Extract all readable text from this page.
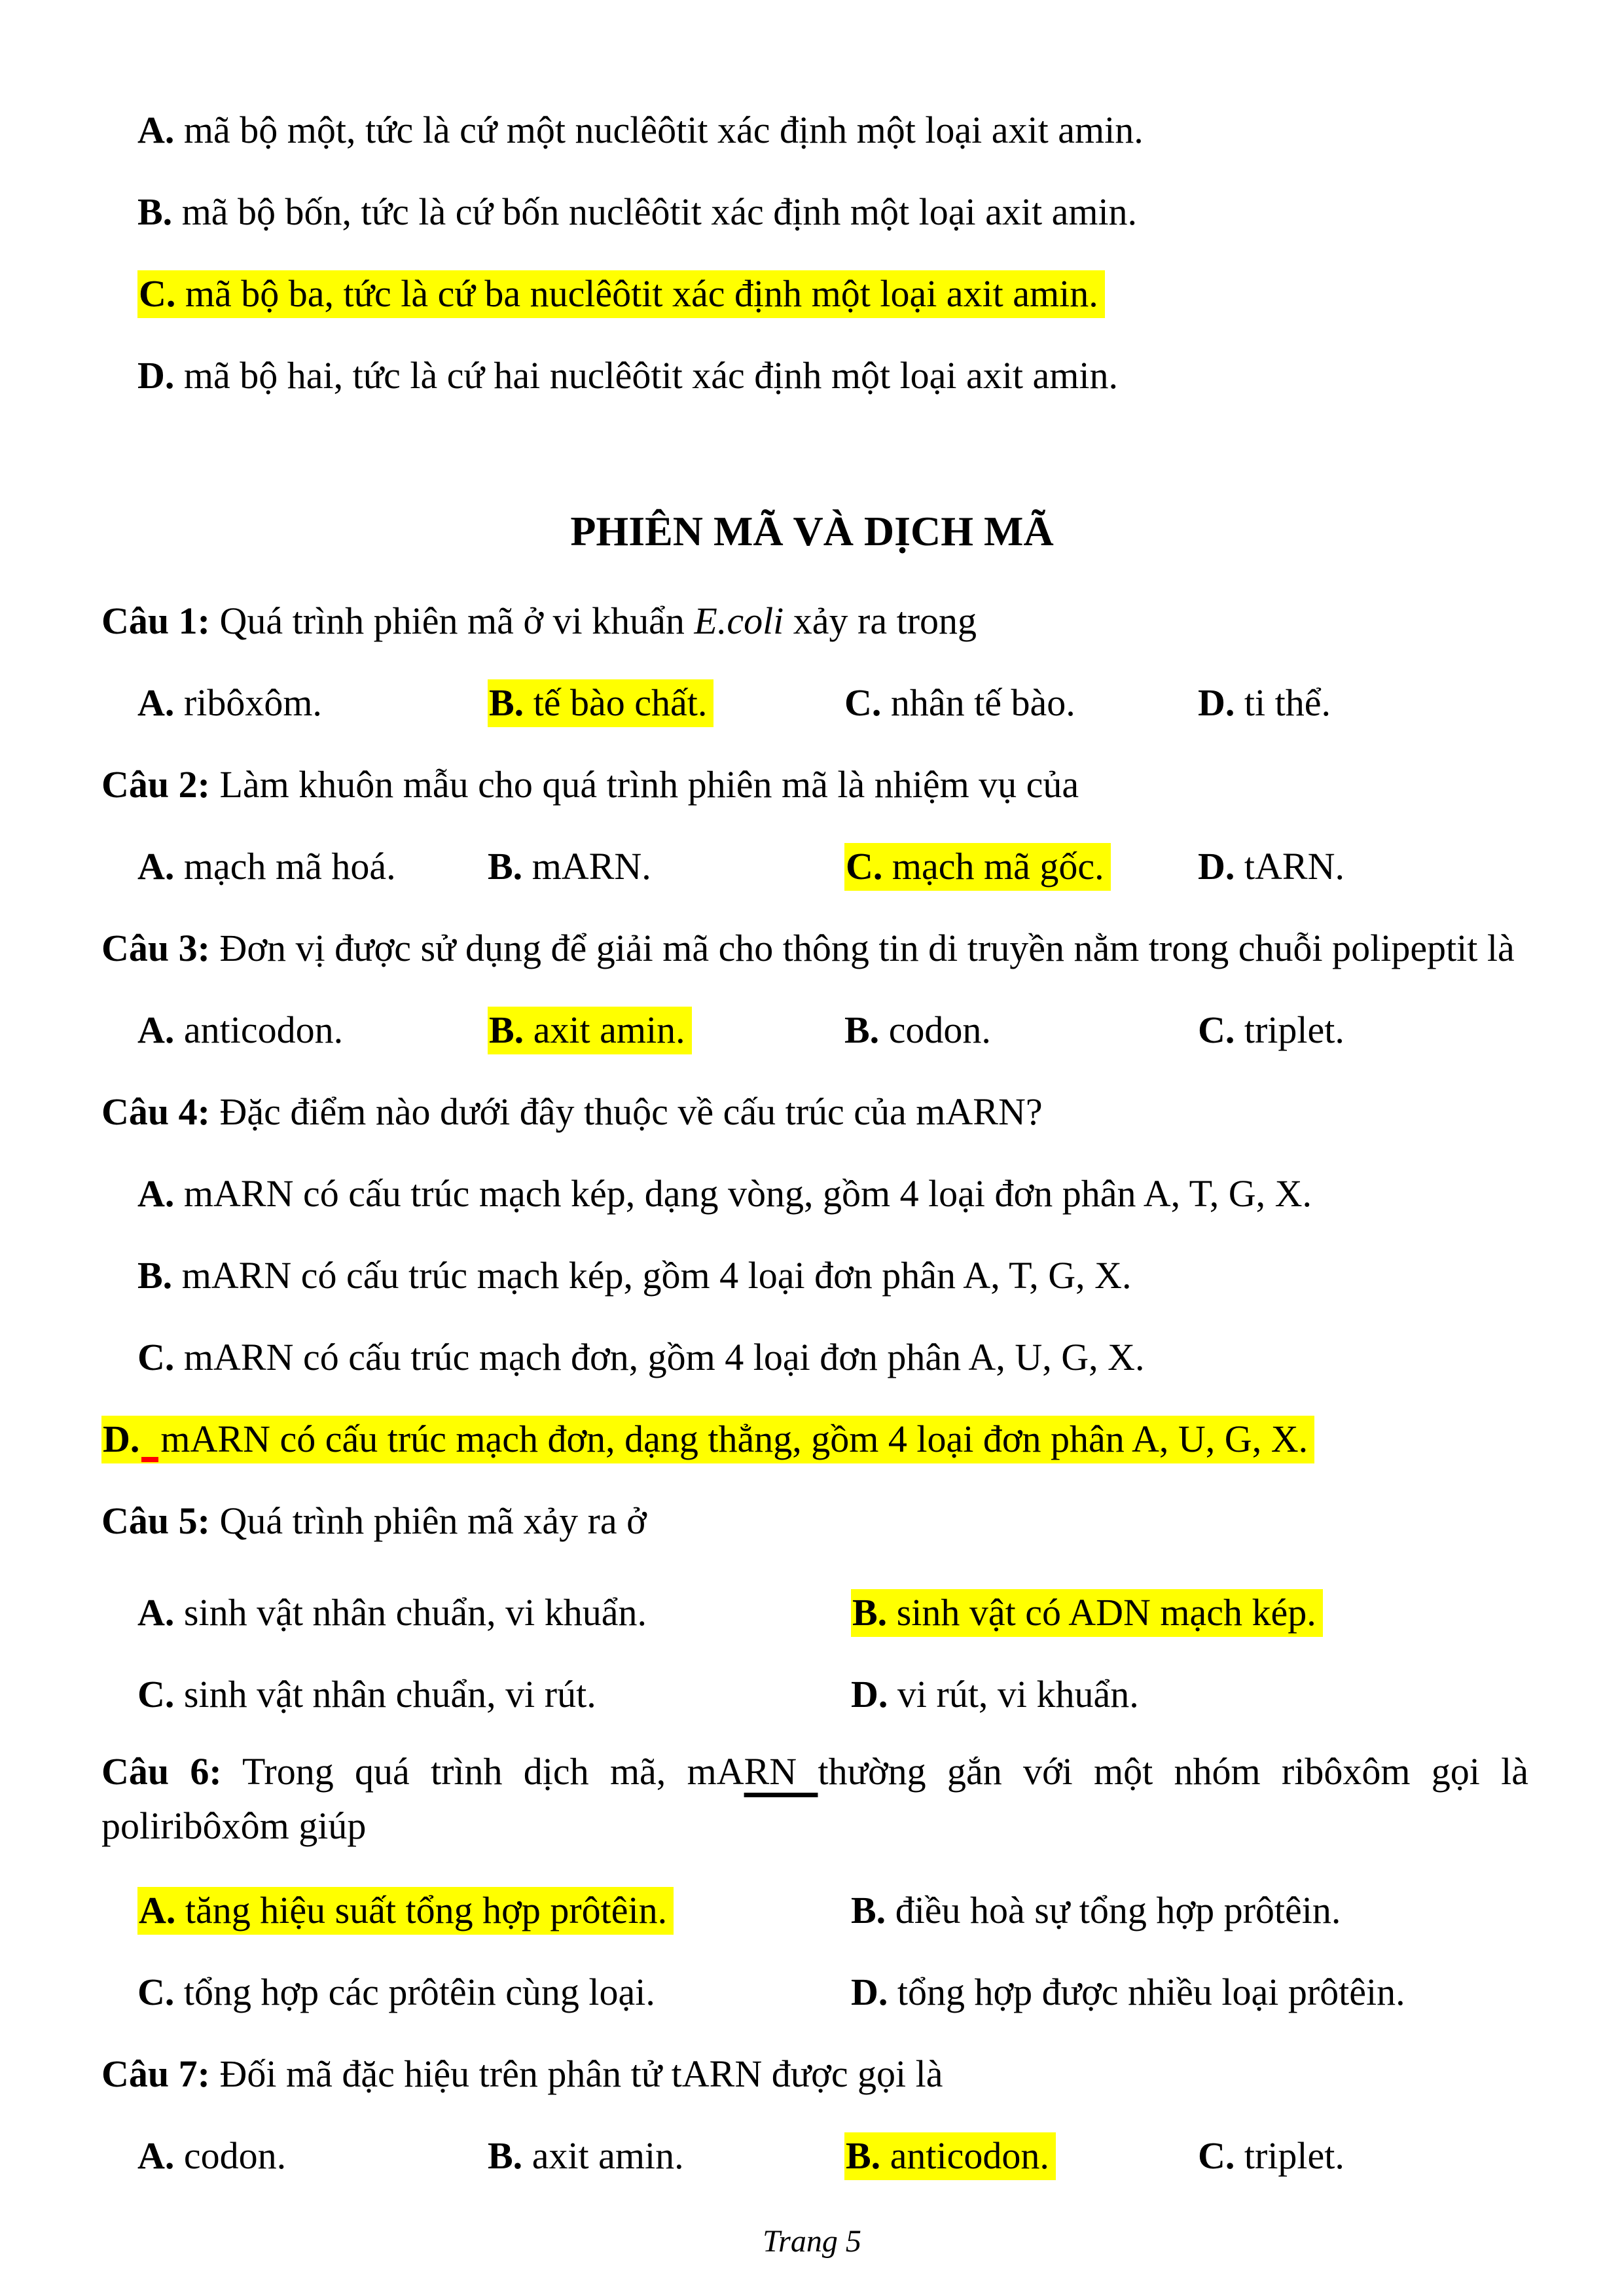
A. mã bộ một, tức là cứ một nuclêôtit xác định một loại axit amin.
B. mã bộ bốn, tức là cứ bốn nuclêôtit xác định một loại axit amin.
C. mã bộ ba, tức là cứ ba nuclêôtit xác định một loại axit amin.
D. mã bộ hai, tức là cứ hai nuclêôtit xác định một loại axit amin.
PHIÊN MÃ VÀ DỊCH MÃ
Câu 1: Quá trình phiên mã ở vi khuẩn E.coli xảy ra trong
A. ribôxôm.	B. tế bào chất.	C. nhân tế bào.	D. ti thể.
Câu 2: Làm khuôn mẫu cho quá trình phiên mã là nhiệm vụ của
A. mạch mã hoá. B. mARN.	C. mạch mã gốc. D. tARN.
Câu 3: Đơn vị được sử dụng để giải mã cho thông tin di truyền nằm trong chuỗi polipeptit là
A. anticodon.	B. axit amin.	B. codon.	C. triplet.
Câu 4: Đặc điểm nào dưới đây thuộc về cấu trúc của mARN?
A. mARN có cấu trúc mạch kép, dạng vòng, gồm 4 loại đơn phân A, T, G, X.
B. mARN có cấu trúc mạch kép, gồm 4 loại đơn phân A, T, G, X.
C. mARN có cấu trúc mạch đơn, gồm 4 loại đơn phân A, U, G, X.
D. mARN có cấu trúc mạch đơn, dạng thẳng, gồm 4 loại đơn phân A, U, G, X.
Câu 5: Quá trình phiên mã xảy ra ở
A. sinh vật nhân chuẩn, vi khuẩn.	B. sinh vật có ADN mạch kép.
C. sinh vật nhân chuẩn, vi rút.	D. vi rút, vi khuẩn.
Câu 6: Trong quá trình dịch mã, mARN thường gắn với một nhóm ribôxôm gọi là poliribôxôm giúp
A. tăng hiệu suất tổng hợp prôtêin.	B. điều hoà sự tổng hợp prôtêin.
C. tổng hợp các prôtêin cùng loại.	D. tổng hợp được nhiều loại prôtêin.
Câu 7: Đối mã đặc hiệu trên phân tử tARN được gọi là
A. codon.	B. axit amin.	B. anticodon.	C. triplet.
Trang 5
